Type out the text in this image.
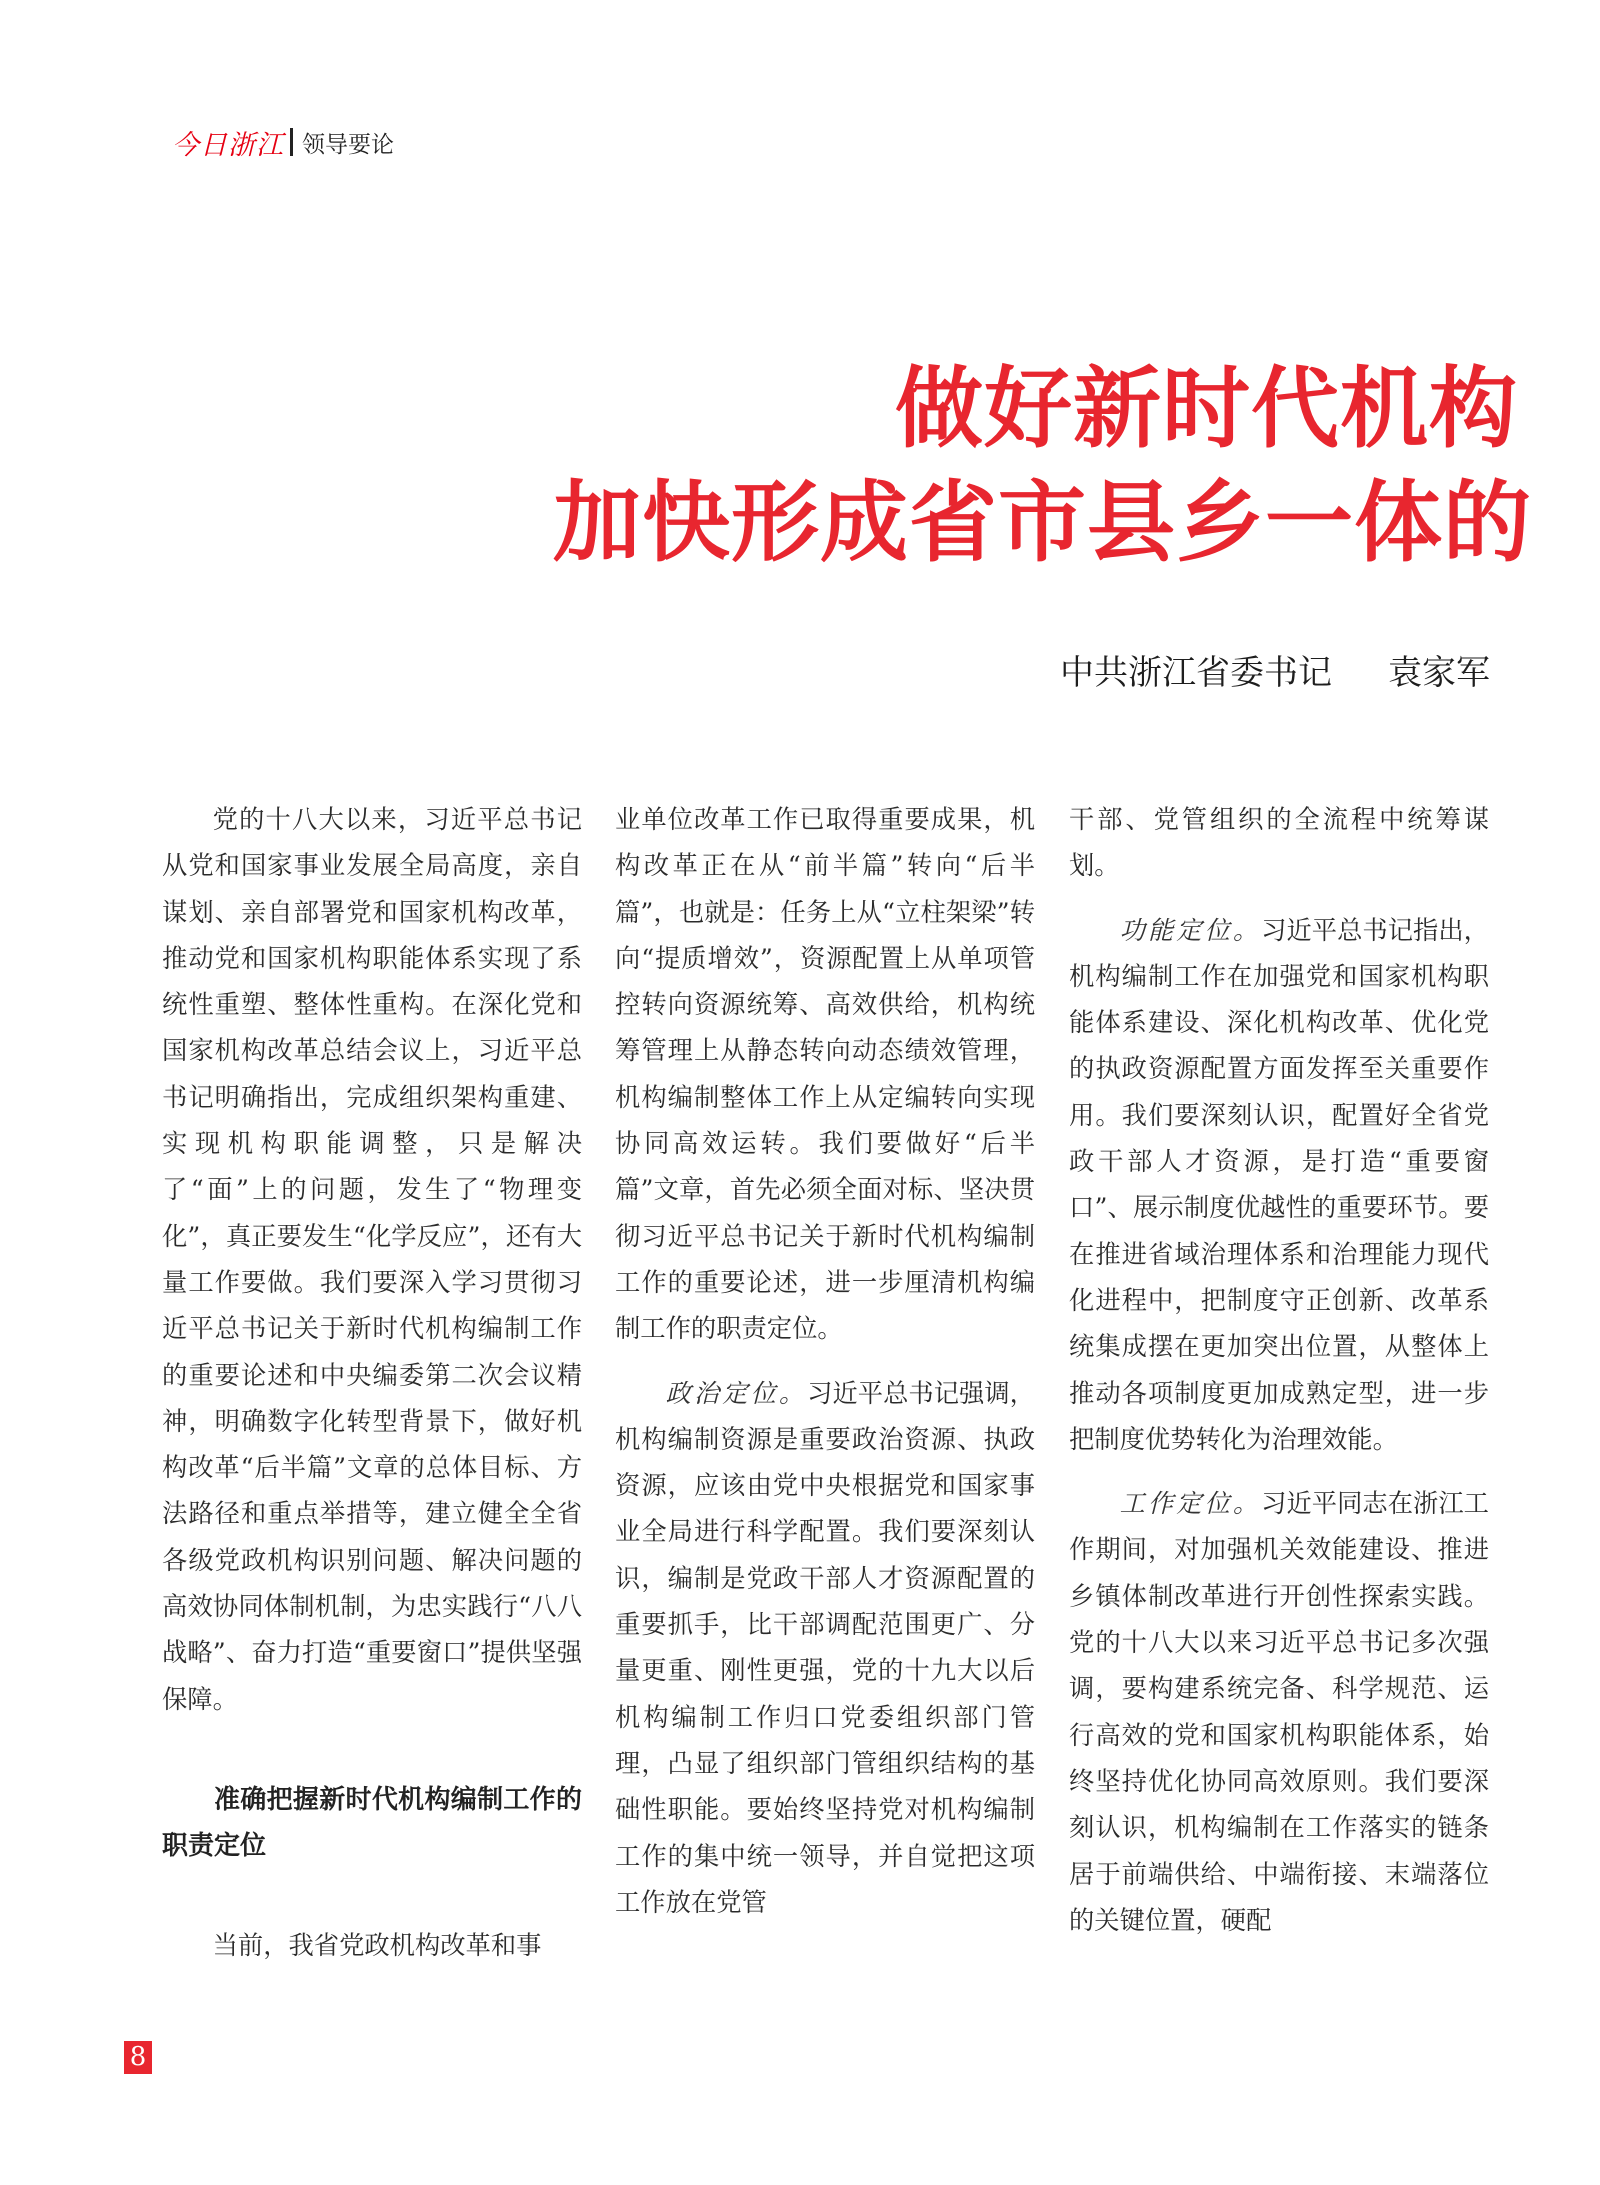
今日浙江 领导要论
做好新时代机构
加快形成省市县乡一体的
中共浙江省委书记 袁家军

党的十八大以来，习近平总书记从党和国家事业发展全局高度，亲自谋划、亲自部署党和国家机构改革，推动党和国家机构职能体系实现了系统性重塑、整体性重构。在深化党和国家机构改革总结会议上，习近平总书记明确指出，完成组织架构重建、实现机构职能调整，只是解决了“面”上的问题，发生了“物理变化”，真正要发生“化学反应”，还有大量工作要做。我们要深入学习贯彻习近平总书记关于新时代机构编制工作的重要论述和中央编委第二次会议精神，明确数字化转型背景下，做好机构改革“后半篇”文章的总体目标、方法路径和重点举措等，建立健全全省各级党政机构识别问题、解决问题的高效协同体制机制，为忠实践行“八八战略”、奋力打造“重要窗口”提供坚强保障。

准确把握新时代机构编制工作的职责定位

当前，我省党政机构改革和事

业单位改革工作已取得重要成果，机构改革正在从“前半篇”转向“后半篇”，也就是：任务上从“立柱架梁”转向“提质增效”，资源配置上从单项管控转向资源统筹、高效供给，机构统筹管理上从静态转向动态绩效管理，机构编制整体工作上从定编转向实现协同高效运转。我们要做好“后半篇”文章，首先必须全面对标、坚决贯彻习近平总书记关于新时代机构编制工作的重要论述，进一步厘清机构编制工作的职责定位。

政治定位。习近平总书记强调，机构编制资源是重要政治资源、执政资源，应该由党中央根据党和国家事业全局进行科学配置。我们要深刻认识，编制是党政干部人才资源配置的重要抓手，比干部调配范围更广、分量更重、刚性更强，党的十九大以后机构编制工作归口党委组织部门管理，凸显了组织部门管组织结构的基础性职能。要始终坚持党对机构编制工作的集中统一领导，并自觉把这项工作放在党管

干部、党管组织的全流程中统筹谋划。

功能定位。习近平总书记指出，机构编制工作在加强党和国家机构职能体系建设、深化机构改革、优化党的执政资源配置方面发挥至关重要作用。我们要深刻认识，配置好全省党政干部人才资源，是打造“重要窗口”、展示制度优越性的重要环节。要在推进省域治理体系和治理能力现代化进程中，把制度守正创新、改革系统集成摆在更加突出位置，从整体上推动各项制度更加成熟定型，进一步把制度优势转化为治理效能。

工作定位。习近平同志在浙江工作期间，对加强机关效能建设、推进乡镇体制改革进行开创性探索实践。党的十八大以来习近平总书记多次强调，要构建系统完备、科学规范、运行高效的党和国家机构职能体系，始终坚持优化协同高效原则。我们要深刻认识，机构编制在工作落实的链条居于前端供给、中端衔接、末端落位的关键位置，硬配

8
